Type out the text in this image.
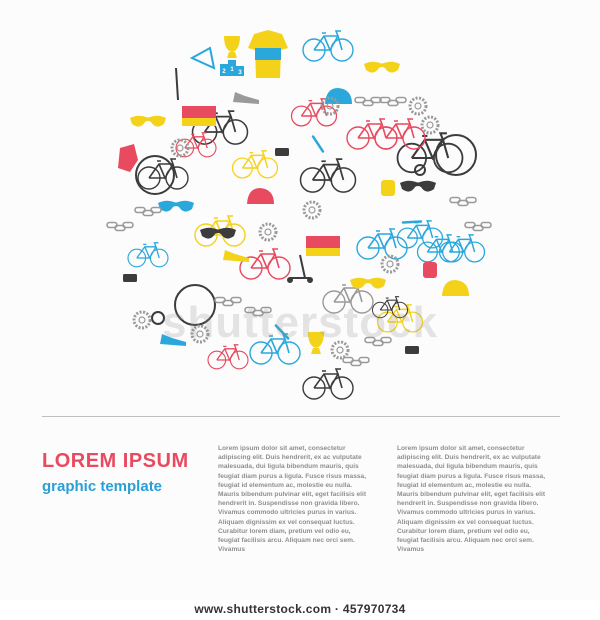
2 1 3

shutterstock

LOREM IPSUM
graphic template

Lorem ipsum dolor sit amet, consectetur adipiscing elit. Duis hendrerit, ex ac vulputate malesuada, dui ligula bibendum mauris, quis feugiat diam purus a ligula. Fusce risus massa, feugiat id elementum ac, molestie eu nulla. Mauris bibendum pulvinar elit, eget facilisis elit hendrerit in. Suspendisse non gravida libero. Vivamus commodo ultricies purus in varius. Aliquam dignissim ex vel consequat luctus. Curabitur lorem diam, pretium vel odio eu, feugiat facilisis arcu. Aliquam nec orci sem. Vivamus

Lorem ipsum dolor sit amet, consectetur adipiscing elit. Duis hendrerit, ex ac vulputate malesuada, dui ligula bibendum mauris, quis feugiat diam purus a ligula. Fusce risus massa, feugiat id elementum ac, molestie eu nulla. Mauris bibendum pulvinar elit, eget facilisis elit hendrerit in. Suspendisse non gravida libero. Vivamus commodo ultricies purus in varius. Aliquam dignissim ex vel consequat luctus. Curabitur lorem diam, pretium vel odio eu, feugiat facilisis arcu. Aliquam nec orci sem. Vivamus

www.shutterstock.com · 457970734
